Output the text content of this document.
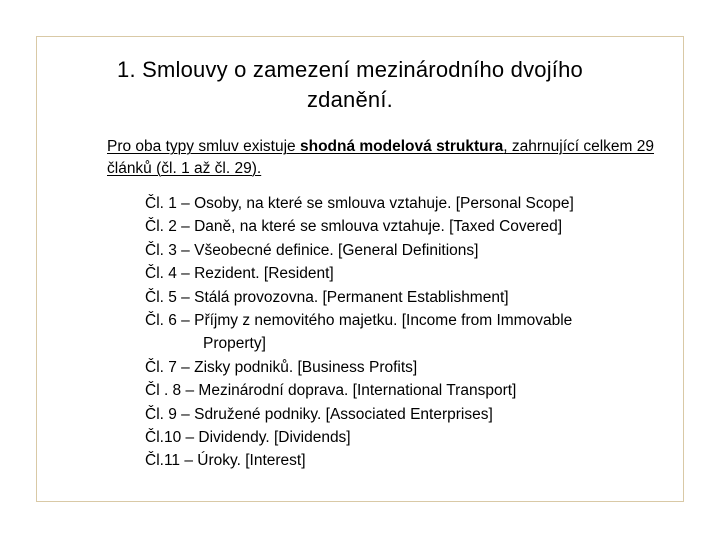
1. Smlouvy o zamezení mezinárodního dvojího
zdanění.
Pro oba typy smluv existuje shodná modelová struktura, zahrnující celkem 29 článků (čl. 1 až čl. 29).
Čl. 1 – Osoby, na které se smlouva vztahuje. [Personal Scope]
Čl. 2 – Daně, na které se smlouva vztahuje. [Taxed Covered]
Čl. 3 – Všeobecné definice. [General Definitions]
Čl. 4 – Rezident. [Resident]
Čl. 5 – Stálá provozovna. [Permanent Establishment]
Čl. 6 – Příjmy z nemovitého majetku. [Income from Immovable
Property]
Čl. 7 – Zisky podniků. [Business Profits]
Čl . 8 – Mezinárodní doprava. [International Transport]
Čl. 9 – Sdružené podniky. [Associated Enterprises]
Čl.10 – Dividendy. [Dividends]
Čl.11 – Úroky. [Interest]
